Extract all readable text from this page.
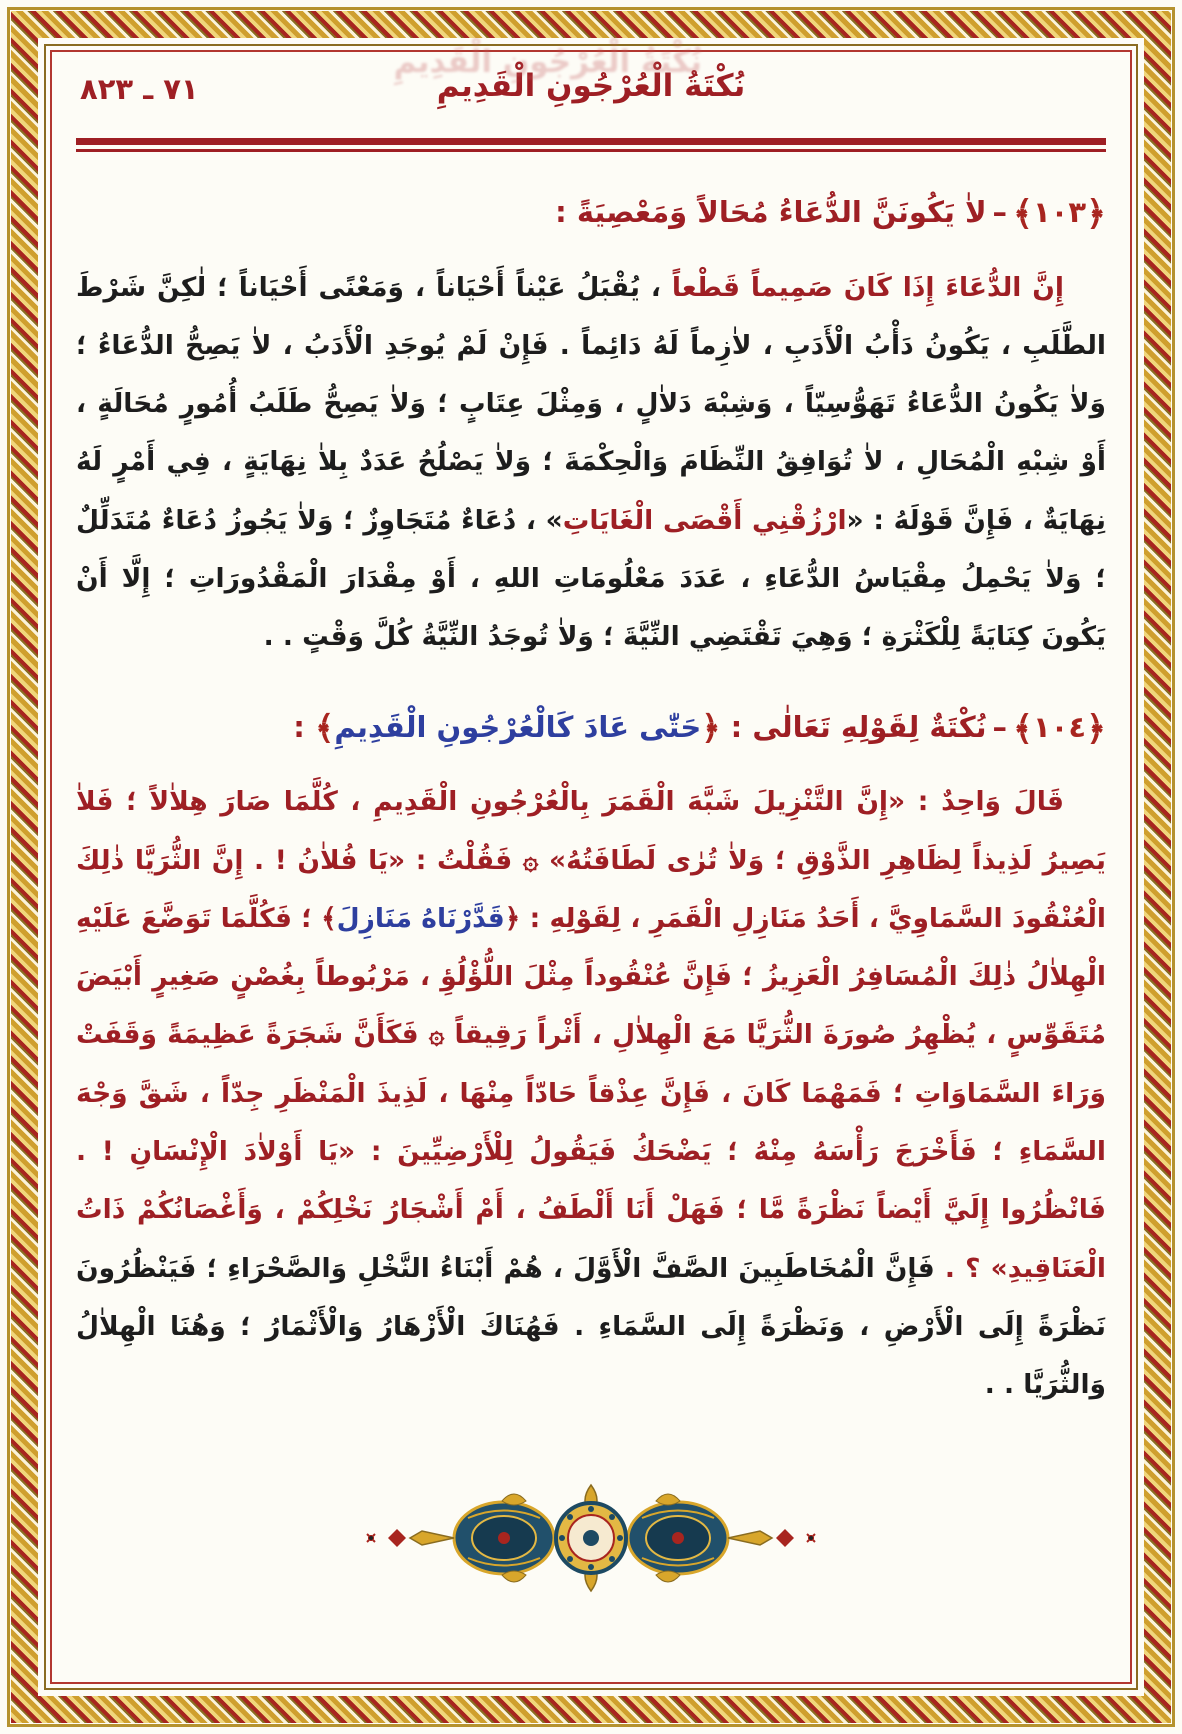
٧١ ـ ٨٢٣
نُكْتَةُ الْعُرْجُونِ الْقَدِيمِ
نُكْتَةُ الْعُرْجُونِ الْقَدِيمِ
﴿١٠٣﴾–لاٰ يَكُونَنَّ الدُّعَاءُ مُحَالاً وَمَعْصِيَةً :

إِنَّ الدُّعَاءَ إِذَا كَانَ صَمِيماً قَطْعاً ، يُقْبَلُ عَيْناً أَحْيَاناً ، وَمَعْنًى أَحْيَاناً ؛ لٰكِنَّ شَرْطَ الطَّلَبِ ، يَكُونُ دَأْبُ الْأَدَبِ ، لاٰزِماً لَهُ دَائِماً . فَإِنْ لَمْ يُوجَدِ الْأَدَبُ ، لاٰ يَصِحُّ الدُّعَاءُ ؛ وَلاٰ يَكُونُ الدُّعَاءُ تَهَوُّسِيّاً ، وَشِبْهَ دَلاٰلٍ ، وَمِثْلَ عِتَابٍ ؛ وَلاٰ يَصِحُّ طَلَبُ أُمُورٍ مُحَالَةٍ ، أَوْ شِبْهِ الْمُحَالِ ، لاٰ تُوَافِقُ النِّظَامَ وَالْحِكْمَةَ ؛ وَلاٰ يَصْلُحُ عَدَدٌ بِلاٰ نِهَايَةٍ ، فِي أَمْرٍ لَهُ نِهَايَةٌ ، فَإِنَّ قَوْلَهُ : «ارْزُقْنِي أَقْصَى الْغَايَاتِ» ، دُعَاءٌ مُتَجَاوِزٌ ؛ وَلاٰ يَجُوزُ دُعَاءٌ مُتَدَلِّلٌ ؛ وَلاٰ يَحْمِلُ مِقْيَاسُ الدُّعَاءِ ، عَدَدَ مَعْلُومَاتِ اللهِ ، أَوْ مِقْدَارَ الْمَقْدُورَاتِ ؛ إِلَّا أَنْ يَكُونَ كِنَايَةً لِلْكَثْرَةِ ؛ وَهِيَ تَقْتَضِي النِّيَّةَ ؛ وَلاٰ تُوجَدُ النِّيَّةُ كُلَّ وَقْتٍ . .

﴿١٠٤﴾–نُكْتَةٌ لِقَوْلِهِ تَعَالٰى : ﴿حَتّٰى عَادَ كَالْعُرْجُونِ الْقَدِيمِ﴾ :

قَالَ وَاحِدٌ : «إِنَّ التَّنْزِيلَ شَبَّهَ الْقَمَرَ بِالْعُرْجُونِ الْقَدِيمِ ، كُلَّمَا صَارَ هِلاٰلاً ؛ فَلاٰ يَصِيرُ لَذِيذاً لِظَاهِرِ الذَّوْقِ ؛ وَلاٰ تُرٰى لَطَافَتُهُ» ۞ فَقُلْتُ : «يَا فُلاٰنُ ! . إِنَّ الثُّرَيَّا ذٰلِكَ الْعُنْقُودَ السَّمَاوِيَّ ، أَحَدُ مَنَازِلِ الْقَمَرِ ، لِقَوْلِهِ : ﴿قَدَّرْنَاهُ مَنَازِلَ﴾ ؛ فَكُلَّمَا تَوَضَّعَ عَلَيْهِ الْهِلاٰلُ ذٰلِكَ الْمُسَافِرُ الْعَزِيزُ ؛ فَإِنَّ عُنْقُوداً مِثْلَ اللُّؤْلُؤِ ، مَرْبُوطاً بِغُصْنٍ صَغِيرٍ أَبْيَضَ مُتَقَوِّسٍ ، يُظْهِرُ صُورَةَ الثُّرَيَّا مَعَ الْهِلاٰلِ ، أَثْراً رَقِيقاً ۞ فَكَأَنَّ شَجَرَةً عَظِيمَةً وَقَفَتْ وَرَاءَ السَّمَاوَاتِ ؛ فَمَهْمَا كَانَ ، فَإِنَّ عِذْقاً حَادّاً مِنْهَا ، لَذِيذَ الْمَنْظَرِ جِدّاً ، شَقَّ وَجْهَ السَّمَاءِ ؛ فَأَخْرَجَ رَأْسَهُ مِنْهُ ؛ يَضْحَكُ فَيَقُولُ لِلْأَرْضِيِّينَ : «يَا أَوْلاٰدَ الْإِنْسَانِ ! . فَانْظُرُوا إِلَيَّ أَيْضاً نَظْرَةً مَّا ؛ فَهَلْ أَنَا أَلْطَفُ ، أَمْ أَشْجَارُ نَخْلِكُمْ ، وَأَغْصَانُكُمْ ذَاتُ الْعَنَاقِيدِ» ؟ . فَإِنَّ الْمُخَاطَبِينَ الصَّفَّ الْأَوَّلَ ، هُمْ أَبْنَاءُ النَّخْلِ وَالصَّحْرَاءِ ؛ فَيَنْظُرُونَ نَظْرَةً إِلَى الْأَرْضِ ، وَنَظْرَةً إِلَى السَّمَاءِ . فَهُنَاكَ الْأَزْهَارُ وَالْأَثْمَارُ ؛ وَهُنَا الْهِلاٰلُ وَالثُّرَيَّا . .
